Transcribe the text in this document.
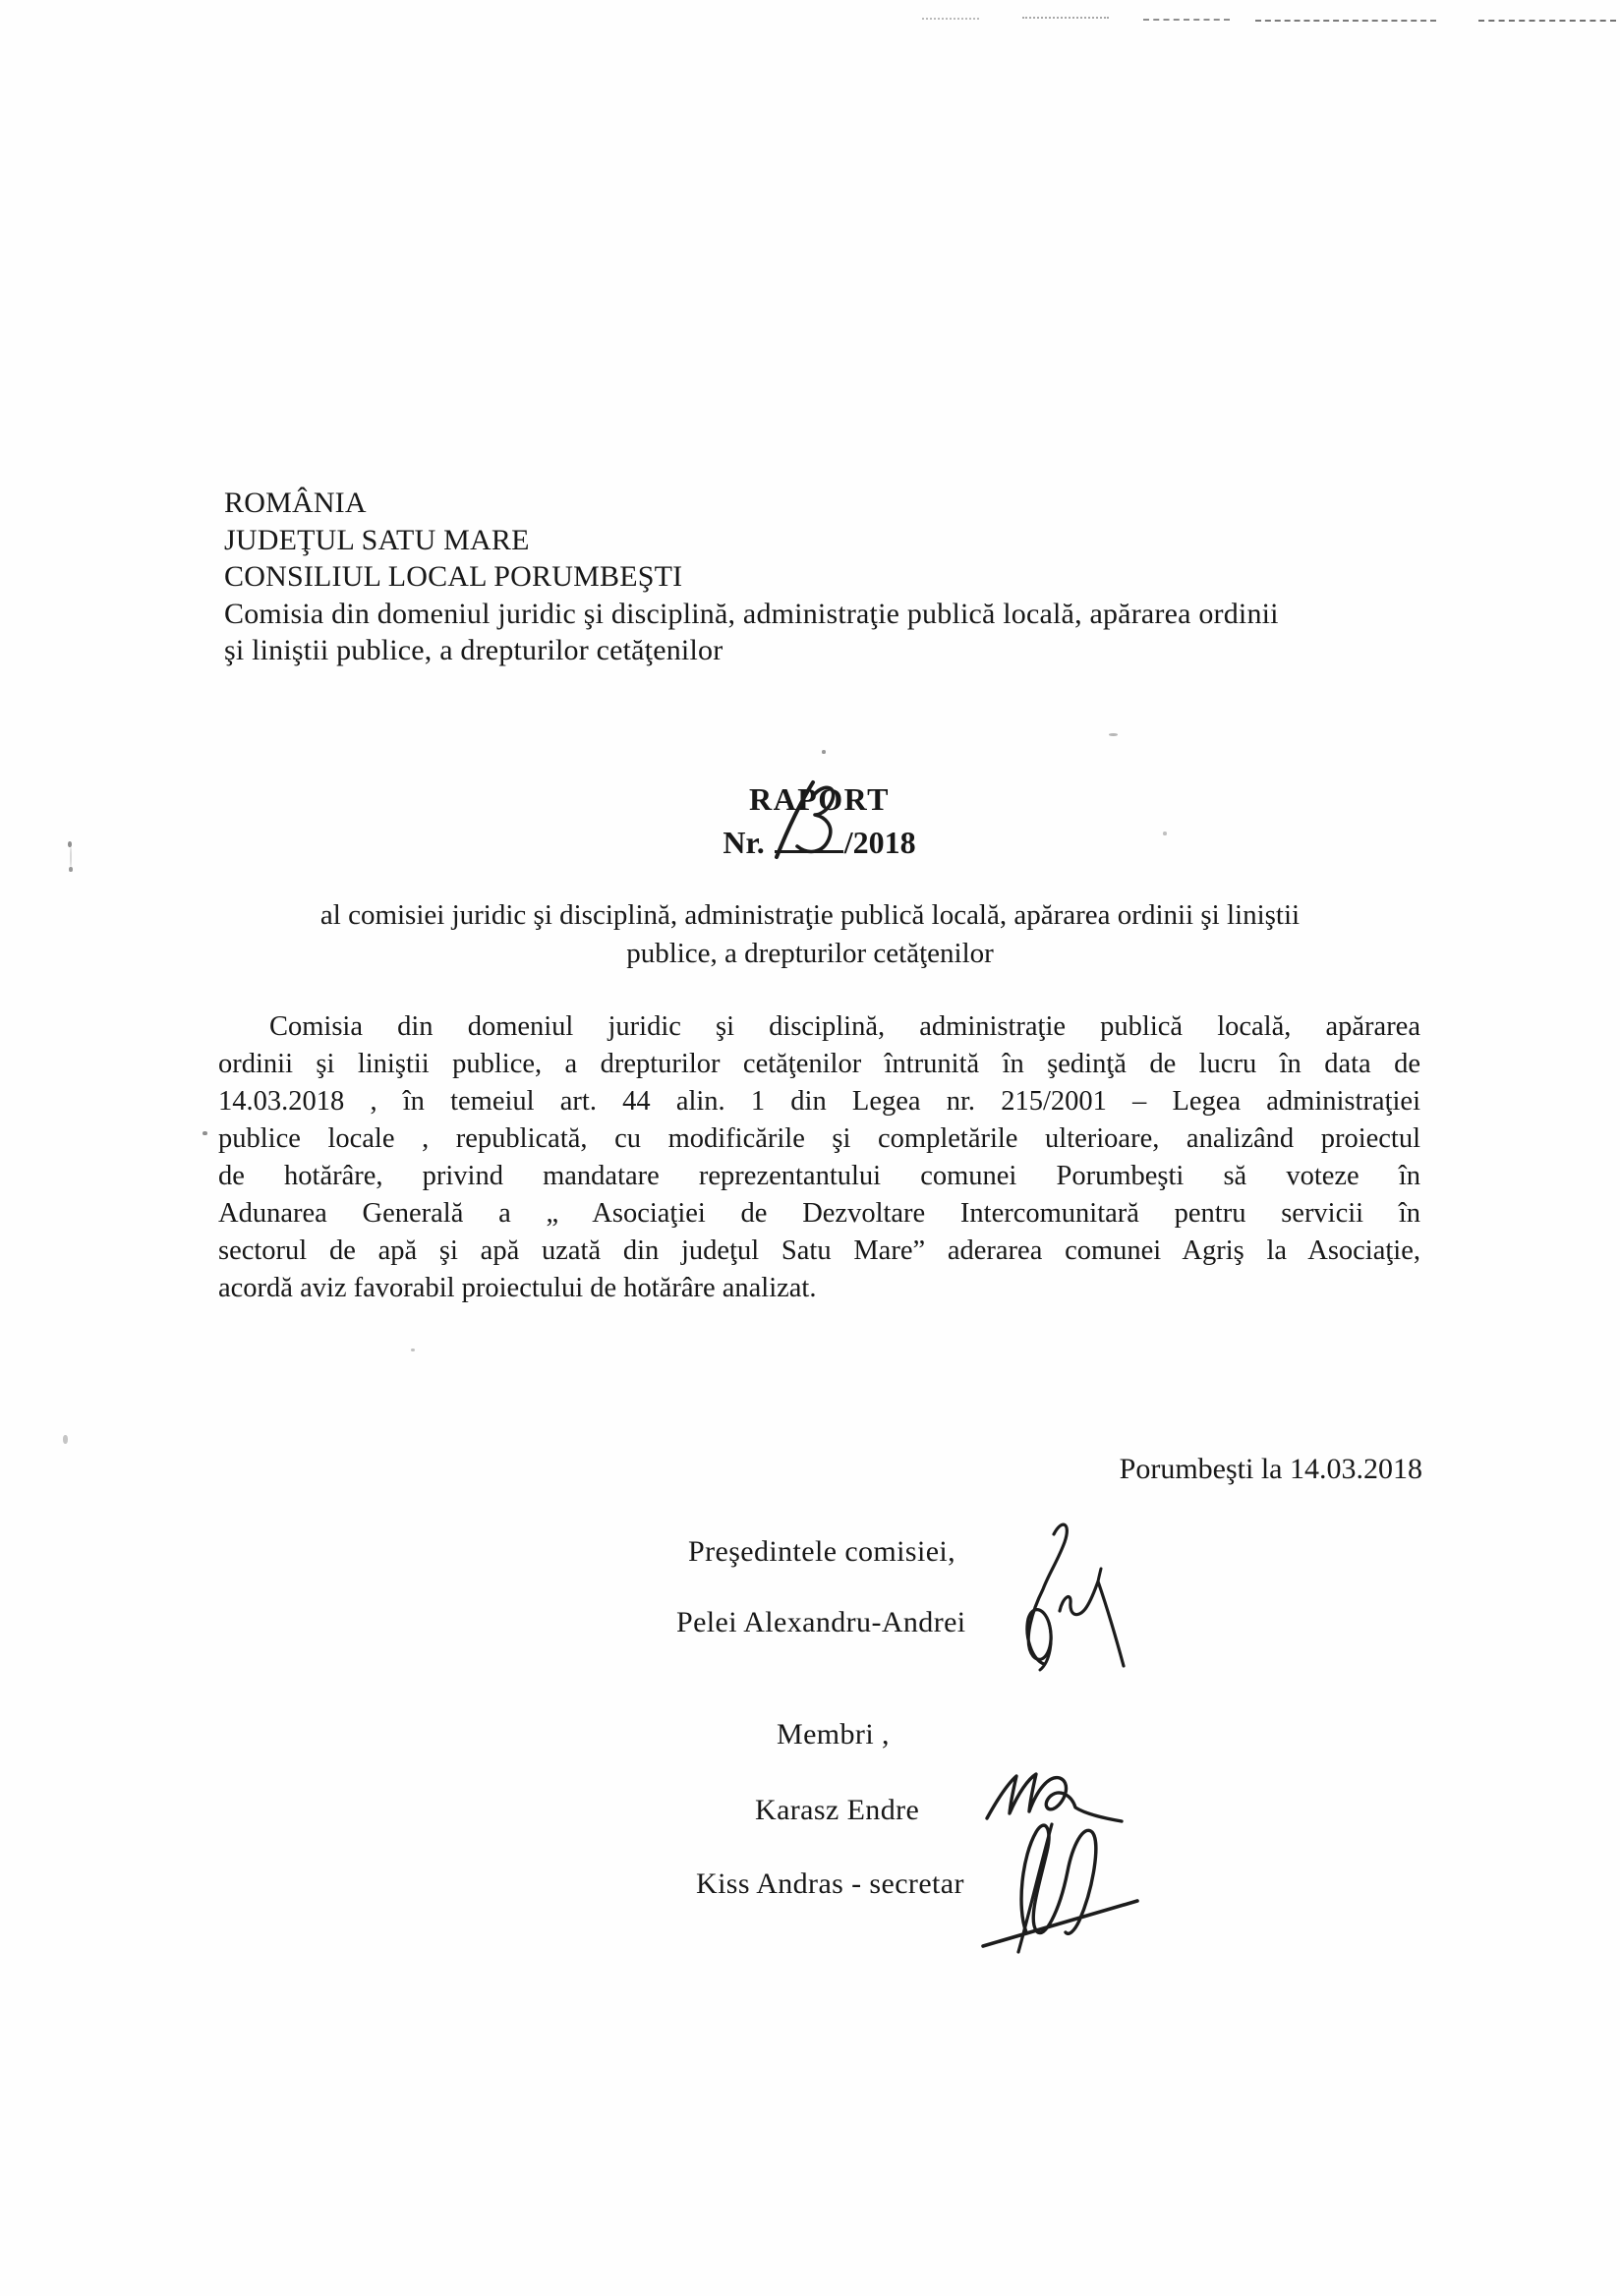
ROMÂNIA
JUDEŢUL SATU MARE
CONSILIUL LOCAL PORUMBEŞTI
Comisia din domeniul juridic şi disciplină, administraţie publică locală, apărarea ordinii
şi liniştii publice, a drepturilor cetăţenilor
RAPORT
Nr.	/2018
al comisiei juridic şi disciplină, administraţie publică locală, apărarea ordinii şi liniştii
publice, a drepturilor cetăţenilor
Comisia din domeniul juridic şi disciplină, administraţie publică locală, apărarea
ordinii şi liniştii publice, a drepturilor cetăţenilor întrunită în şedinţă de lucru în data de
14.03.2018 , în temeiul art. 44 alin. 1 din Legea nr. 215/2001 – Legea administraţiei
publice locale , republicată, cu modificările şi completările ulterioare, analizând proiectul
de hotărâre, privind mandatare reprezentantului comunei Porumbeşti să voteze în
Adunarea Generală a „ Asociaţiei de Dezvoltare Intercomunitară pentru servicii în
sectorul de apă şi apă uzată din judeţul Satu Mare” aderarea comunei Agriş la Asociaţie,
acordă aviz favorabil proiectului de hotărâre analizat.
Porumbeşti la 14.03.2018
Preşedintele comisiei,
Pelei Alexandru-Andrei
Membri ,
Karasz Endre
Kiss Andras - secretar
